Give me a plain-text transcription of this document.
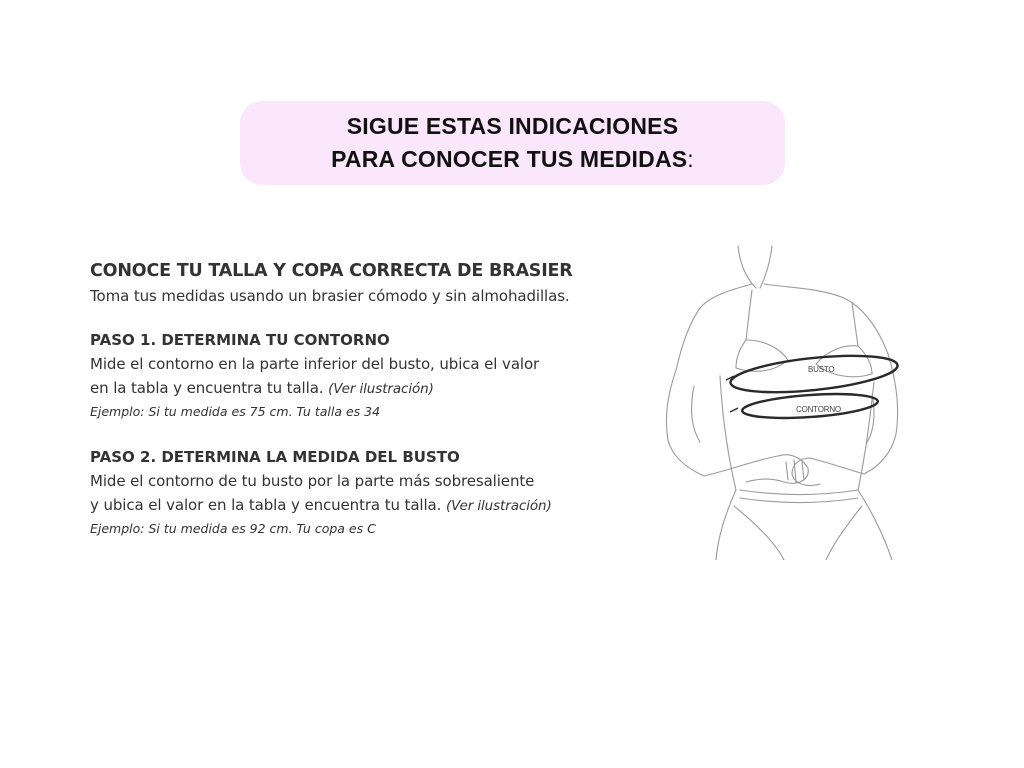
SIGUE ESTAS INDICACIONES
PARA CONOCER TUS MEDIDAS:
CONOCE TU TALLA Y COPA CORRECTA DE BRASIER
Toma tus medidas usando un brasier cómodo y sin almohadillas.
PASO 1. DETERMINA TU CONTORNO
Mide el contorno en la parte inferior del busto, ubica el valor
en la tabla y encuentra tu talla. (Ver ilustración)
Ejemplo: Si tu medida es 75 cm. Tu talla es 34
PASO 2. DETERMINA LA MEDIDA DEL BUSTO
Mide el contorno de tu busto por la parte más sobresaliente
y ubica el valor en la tabla y encuentra tu talla. (Ver ilustración)
Ejemplo: Si tu medida es 92 cm. Tu copa es C
BUSTO
CONTORNO
